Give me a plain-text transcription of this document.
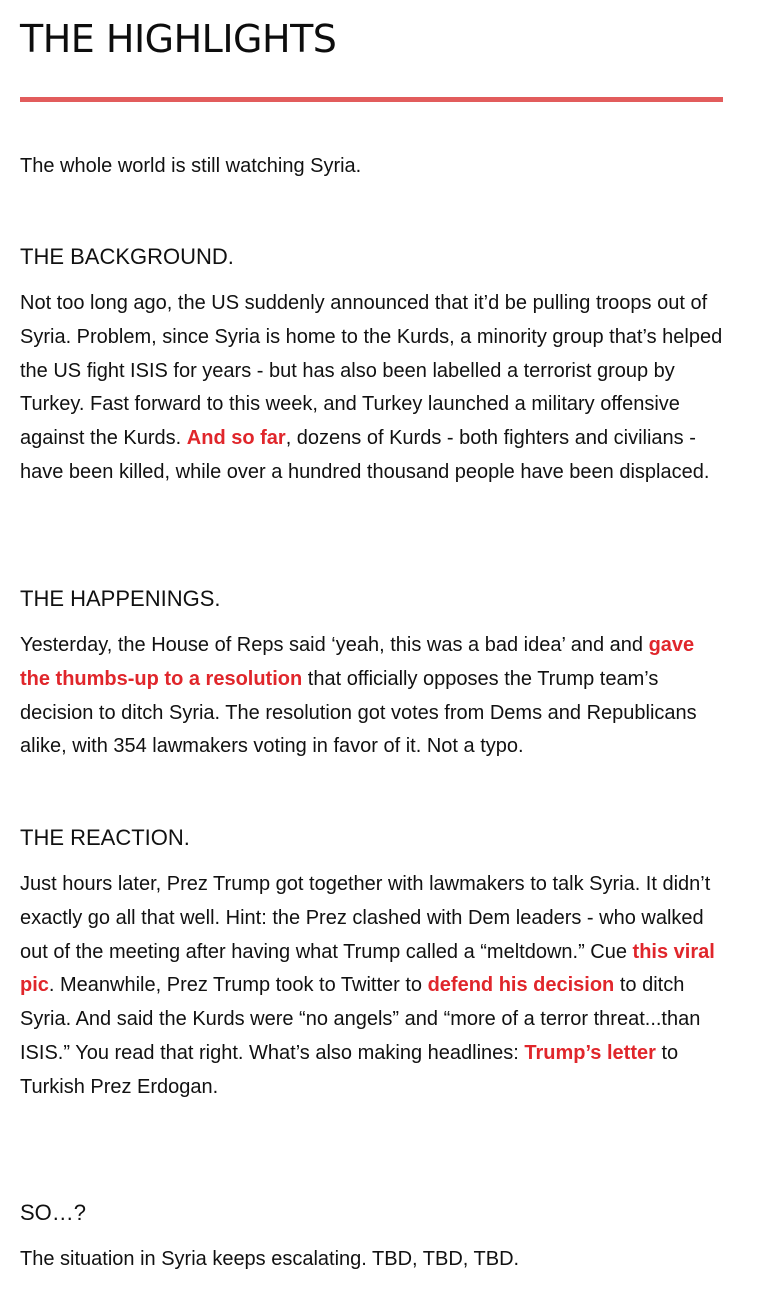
THE HIGHLIGHTS

The whole world is still watching Syria.

THE BACKGROUND.

Not too long ago, the US suddenly announced that it’d be pulling troops out of Syria. Problem, since Syria is home to the Kurds, a minority group that’s helped the US fight ISIS for years - but has also been labelled a terrorist group by Turkey. Fast forward to this week, and Turkey launched a military offensive against the Kurds. And so far, dozens of Kurds - both fighters and civilians - have been killed, while over a hundred thousand people have been displaced.

THE HAPPENINGS.

Yesterday, the House of Reps said ‘yeah, this was a bad idea’ and and gave the thumbs-up to a resolution that officially opposes the Trump team’s decision to ditch Syria. The resolution got votes from Dems and Republicans alike, with 354 lawmakers voting in favor of it. Not a typo.

THE REACTION.

Just hours later, Prez Trump got together with lawmakers to talk Syria. It didn’t exactly go all that well. Hint: the Prez clashed with Dem leaders - who walked out of the meeting after having what Trump called a “meltdown.” Cue this viral pic. Meanwhile, Prez Trump took to Twitter to defend his decision to ditch Syria. And said the Kurds were “no angels” and “more of a terror threat...than ISIS.” You read that right. What’s also making headlines: Trump’s letter to Turkish Prez Erdogan.

SO…?

The situation in Syria keeps escalating. TBD, TBD, TBD.
